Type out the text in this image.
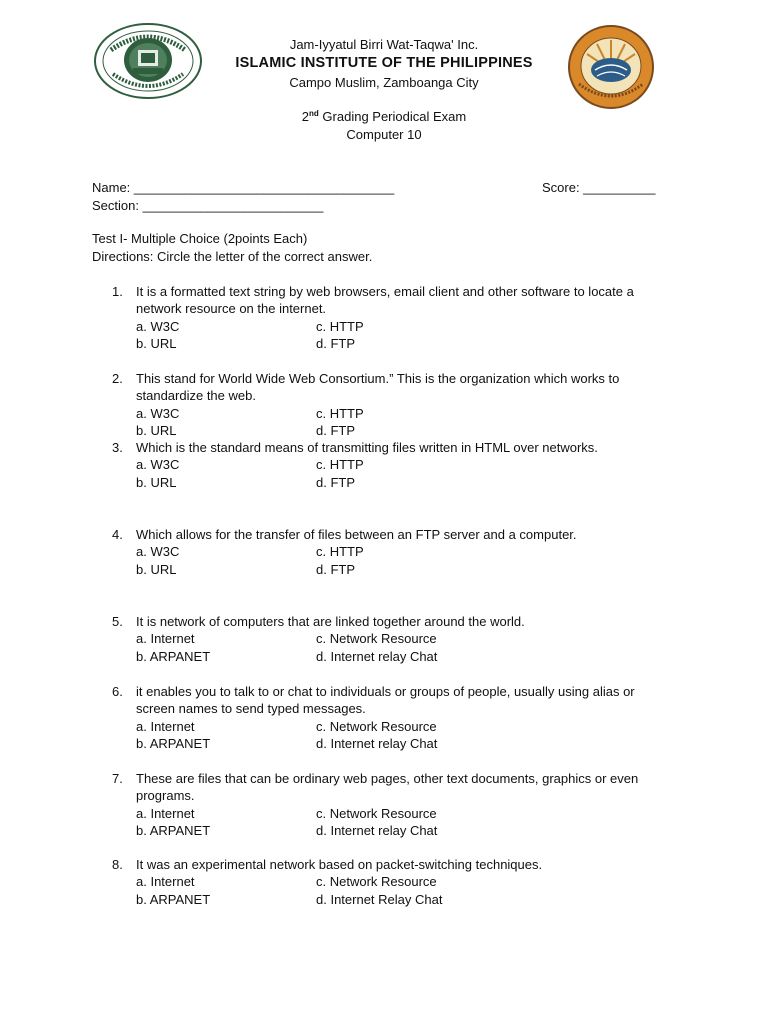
Jam-Iyyatul Birri Wat-Taqwa' Inc.
ISLAMIC INSTITUTE OF THE PHILIPPINES
Campo Muslim, Zamboanga City
2nd Grading Periodical Exam
Computer 10
Name: ____________________________________	Score: __________
Section: _________________________
Test I- Multiple Choice (2points Each)
Directions: Circle the letter of the correct answer.
1. It is a formatted text string by web browsers, email client and other software to locate a network resource on the internet.
a. W3C	c. HTTP
b. URL	d. FTP
2. This stand for World Wide Web Consortium.” This is the organization which works to standardize the web.
a. W3C	c. HTTP
b. URL	d. FTP
3. Which is the standard means of transmitting files written in HTML over networks.
a. W3C	c. HTTP
b. URL	d. FTP
4. Which allows for the transfer of files between an FTP server and a computer.
a. W3C	c. HTTP
b. URL	d. FTP
5. It is network of computers that are linked together around the world.
a. Internet	c. Network Resource
b. ARPANET	d. Internet relay Chat
6. it enables you to talk to or chat to individuals or groups of people, usually using alias or screen names to send typed messages.
a. Internet	c. Network Resource
b. ARPANET	d. Internet relay Chat
7. These are files that can be ordinary web pages, other text documents, graphics or even programs.
a. Internet	c. Network Resource
b. ARPANET	d. Internet relay Chat
8. It was an experimental network based on packet-switching techniques.
a. Internet	c. Network Resource
b. ARPANET	d. Internet Relay Chat
